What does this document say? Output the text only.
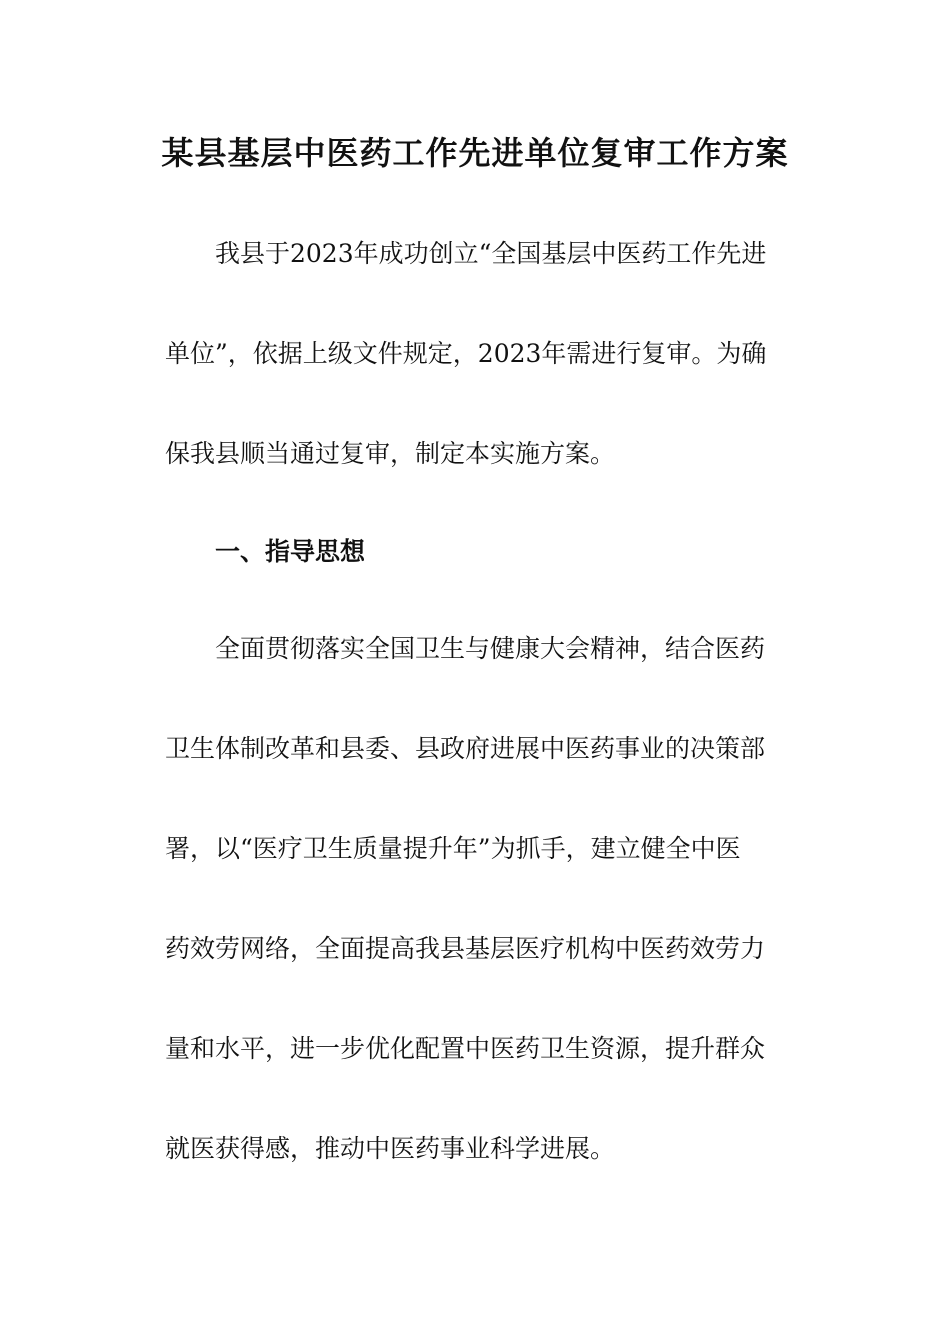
某县基层中医药工作先进单位复审工作方案
我县于2023年成功创立“全国基层中医药工作先进
单位”，依据上级文件规定，2023年需进行复审。为确
保我县顺当通过复审，制定本实施方案。
一、指导思想
全面贯彻落实全国卫生与健康大会精神，结合医药
卫生体制改革和县委、县政府进展中医药事业的决策部
署，以“医疗卫生质量提升年”为抓手，建立健全中医
药效劳网络，全面提高我县基层医疗机构中医药效劳力
量和水平，进一步优化配置中医药卫生资源，提升群众
就医获得感，推动中医药事业科学进展。
